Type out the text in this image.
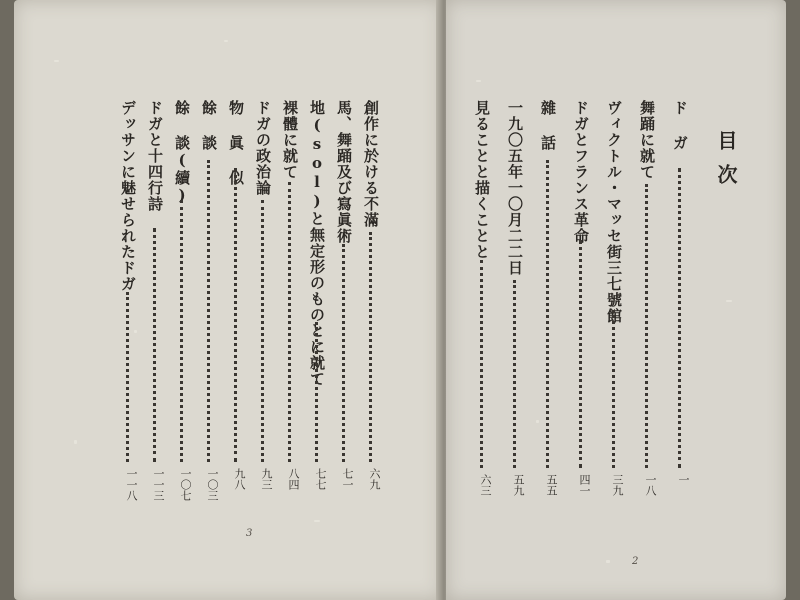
目次
ド ガ
一
舞踊に就て
一八
ヴィクトル・マッセ街三七號館
三九
ドガとフランス革命
四一
雜 話
五五
一九〇五年一〇月二二日
五九
見ることと描くことと
六三
創作に於ける不滿
六九
馬、舞踊及び寫眞術
七一
地(sol)と無定形のものとに就て
七七
裸體に就て
八四
ドガの政治論
九三
物 眞 似
九八
餘 談
一〇三
餘 談(續)
一〇七
ドガと十四行詩
一一三
デッサンに魅せられたドガ
一一八
3
2
